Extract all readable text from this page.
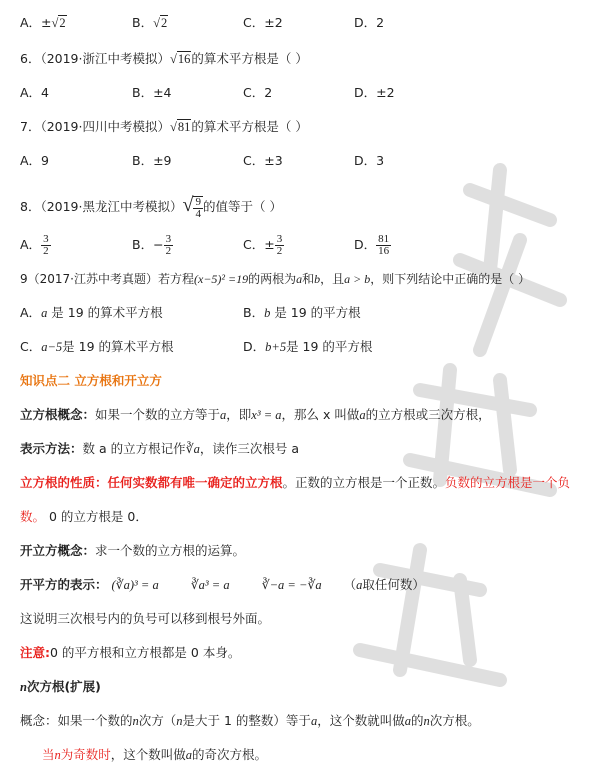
A．±√2	B．√2	C．±2	D．2
6．（2019·浙江中考模拟）√16的算术平方根是（ ）
A．4	B．±4	C．2	D．±2
7．（2019·四川中考模拟）√81的算术平方根是（ ）
A．9	B．±9	C．±3	D．3
8．（2019·黑龙江中考模拟）√ $\frac{9}{4}$ 的值等于（ ）
A． $\frac{3}{2}$	B．− $\frac{3}{2}$	C．± $\frac{3}{2}$	D． $\frac{81}{16}$
9（2017·江苏中考真题）若方程(x−5)² =19的两根为a和b，且a > b，则下列结论中正确的是（ ）
A．a 是 19 的算术平方根	B．b 是 19 的平方根
C．a−5是 19 的算术平方根	D．b+5是 19 的平方根
知识点二 立方根和开立方
立方根概念：如果一个数的立方等于a，即x³ = a，那么 x 叫做a的立方根或三次方根，
表示方法：数 a 的立方根记作∛a，读作三次根号 a
立方根的性质：任何实数都有唯一确定的立方根。正数的立方根是一个正数。负数的立方根是一个负
数。 0 的立方根是 0．
开立方概念：求一个数的立方根的运算。
开平方的表示： (∛a)³ = a	∛a³ = a	∛−a = −∛a （a取任何数）
这说明三次根号内的负号可以移到根号外面。
注意:0 的平方根和立方根都是 0 本身。
n次方根(扩展)
概念：如果一个数的n次方（n是大于 1 的整数）等于a，这个数就叫做a的n次方根。
当n为奇数时，这个数叫做a的奇次方根。
